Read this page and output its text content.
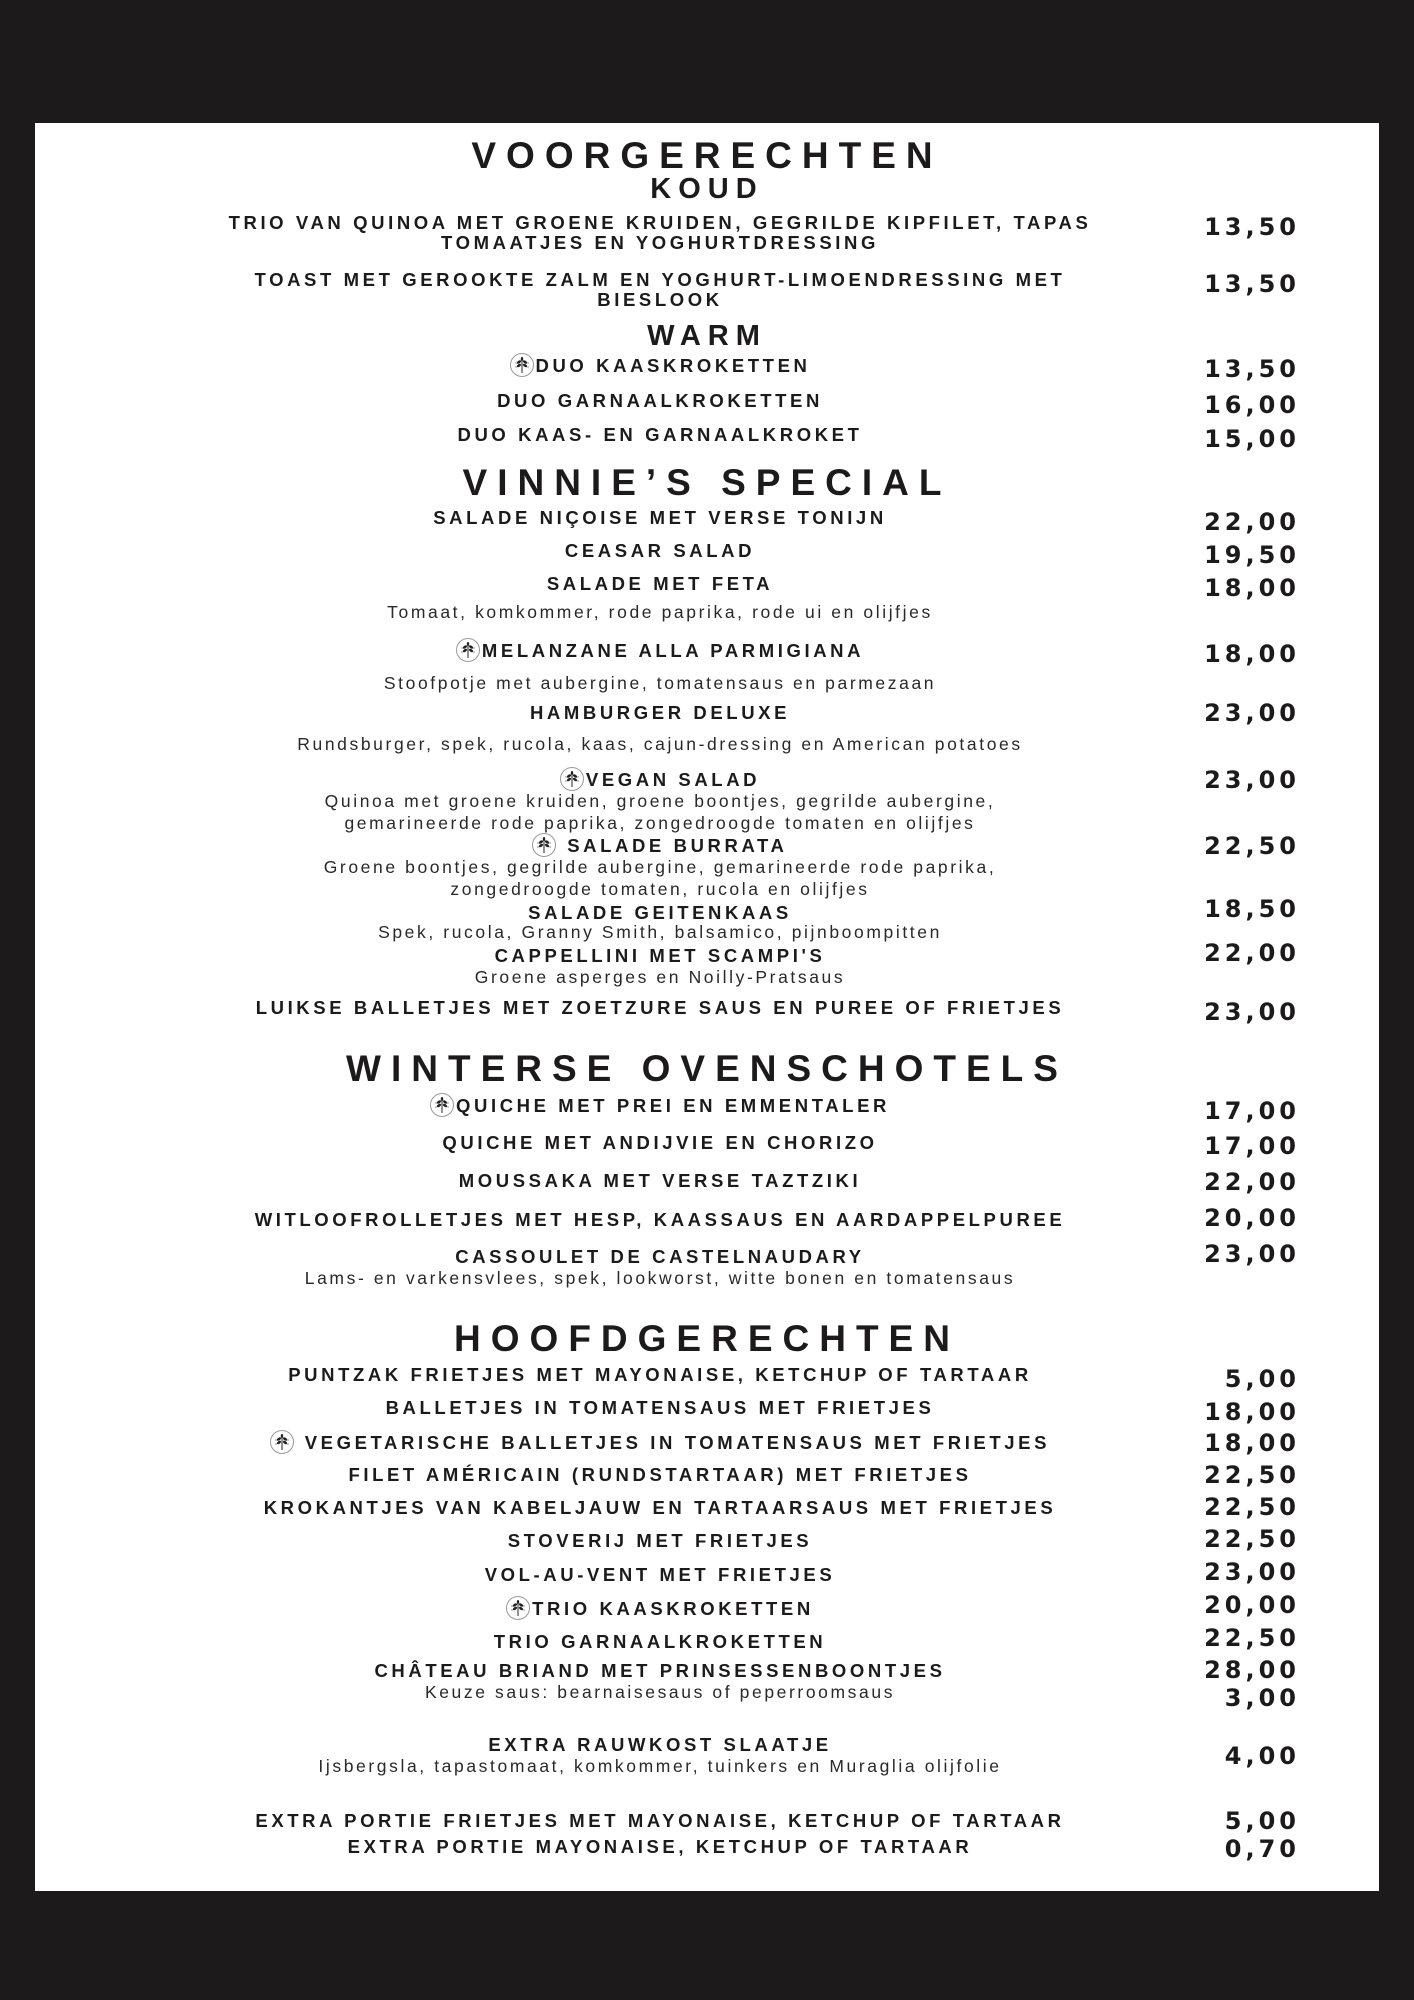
VOORGERECHTEN
KOUD
TRIO VAN QUINOA MET GROENE KRUIDEN, GEGRILDE KIPFILET, TAPAS
TOMAATJES EN YOGHURTDRESSING
13,50
TOAST MET GEROOKTE ZALM EN YOGHURT-LIMOENDRESSING MET
BIESLOOK
13,50
WARM
DUO KAASKROKETTEN	13,50
DUO GARNAALKROKETTEN	16,00
DUO KAAS- EN GARNAALKROKET	15,00
VINNIE’S SPECIAL
SALADE NIÇOISE MET VERSE TONIJN	22,00
CEASAR SALAD	19,50
SALADE MET FETA	18,00
Tomaat, komkommer, rode paprika, rode ui en olijfjes
MELANZANE ALLA PARMIGIANA	18,00
Stoofpotje met aubergine, tomatensaus en parmezaan
HAMBURGER DELUXE	23,00
Rundsburger, spek, rucola, kaas, cajun-dressing en American potatoes
VEGAN SALAD	23,00
Quinoa met groene kruiden, groene boontjes, gegrilde aubergine,
gemarineerde rode paprika, zongedroogde tomaten en olijfjes
SALADE BURRATA	22,50
Groene boontjes, gegrilde aubergine, gemarineerde rode paprika,
zongedroogde tomaten, rucola en olijfjes
SALADE GEITENKAAS	18,50
Spek, rucola, Granny Smith, balsamico, pijnboompitten
CAPPELLINI MET SCAMPI'S	22,00
Groene asperges en Noilly-Pratsaus
LUIKSE BALLETJES MET ZOETZURE SAUS EN PUREE OF FRIETJES	23,00
WINTERSE OVENSCHOTELS
QUICHE MET PREI EN EMMENTALER	17,00
QUICHE MET ANDIJVIE EN CHORIZO	17,00
MOUSSAKA MET VERSE TAZTZIKI	22,00
WITLOOFROLLETJES MET HESP, KAASSAUS EN AARDAPPELPUREE	20,00
CASSOULET DE CASTELNAUDARY	23,00
Lams- en varkensvlees, spek, lookworst, witte bonen en tomatensaus
HOOFDGERECHTEN
PUNTZAK FRIETJES MET MAYONAISE, KETCHUP OF TARTAAR	5,00
BALLETJES IN TOMATENSAUS MET FRIETJES	18,00
VEGETARISCHE BALLETJES IN TOMATENSAUS MET FRIETJES	18,00
FILET AMÉRICAIN (RUNDSTARTAAR) MET FRIETJES	22,50
KROKANTJES VAN KABELJAUW EN TARTAARSAUS MET FRIETJES	22,50
STOVERIJ MET FRIETJES	22,50
VOL-AU-VENT MET FRIETJES	23,00
TRIO KAASKROKETTEN	20,00
TRIO GARNAALKROKETTEN	22,50
CHÂTEAU BRIAND MET PRINSESSENBOONTJES	28,00
Keuze saus: bearnaisesaus of peperroomsaus	3,00
EXTRA RAUWKOST SLAATJE	4,00
Ijsbergsla, tapastomaat, komkommer, tuinkers en Muraglia olijfolie
EXTRA PORTIE FRIETJES MET MAYONAISE, KETCHUP OF TARTAAR	5,00
EXTRA PORTIE MAYONAISE, KETCHUP OF TARTAAR	0,70
